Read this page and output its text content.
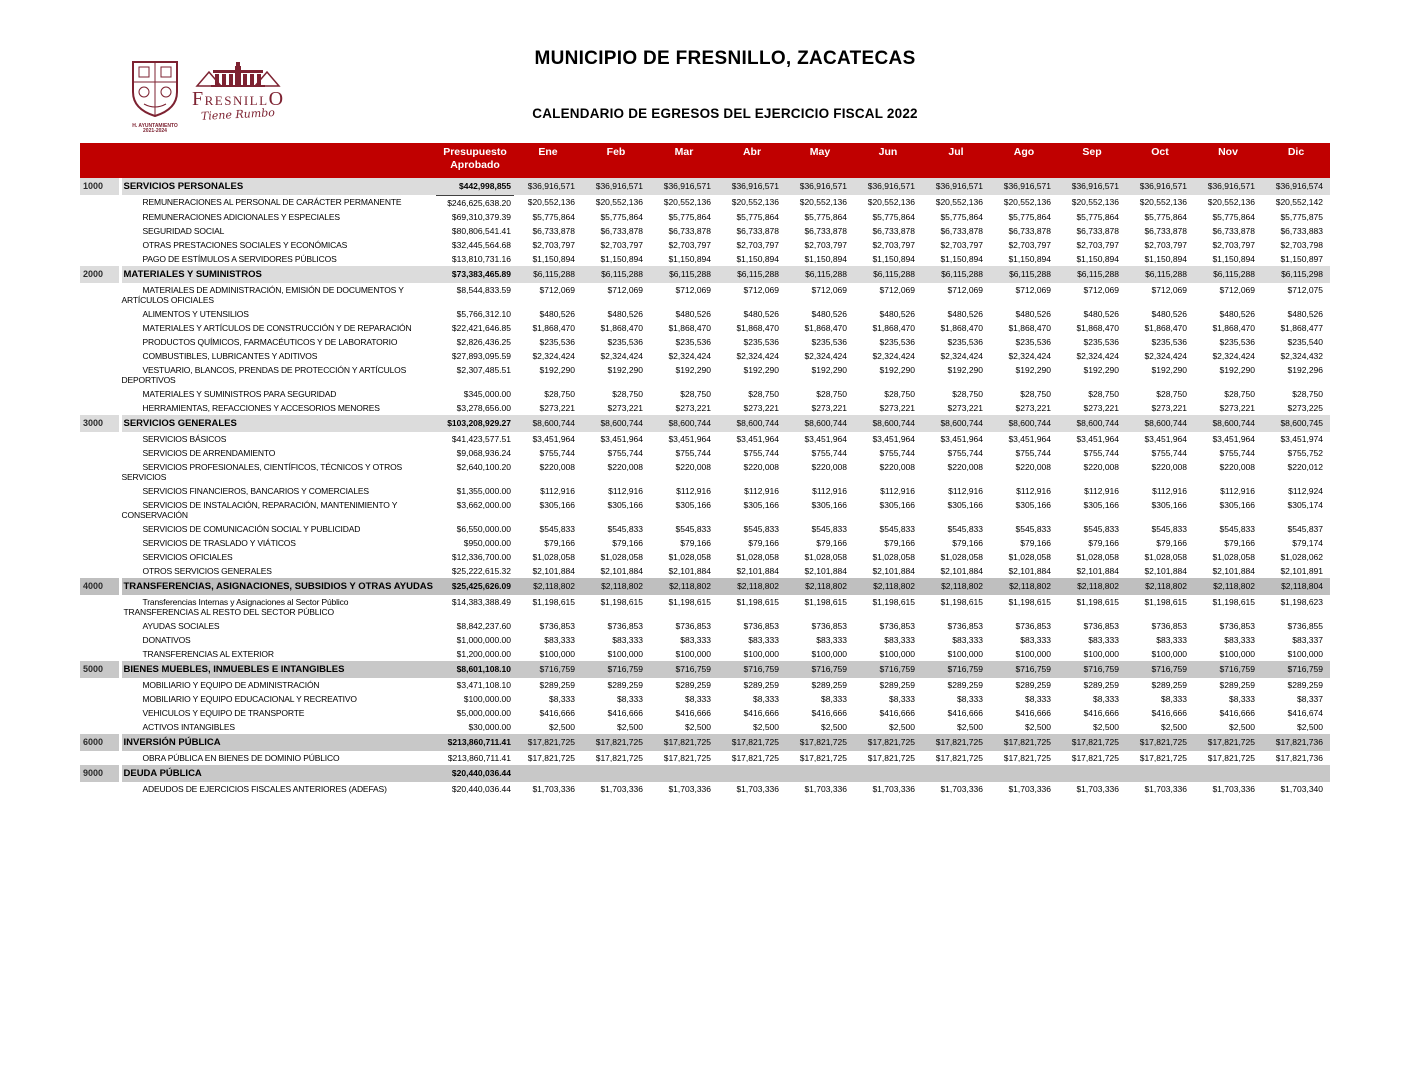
H. AYUNTAMIENTO
2021-2024
FRESNILLO
Tiene Rumbo
MUNICIPIO DE FRESNILLO, ZACATECAS
CALENDARIO DE EGRESOS DEL EJERCICIO FISCAL 2022
		Presupuesto Aprobado	Ene	Feb	Mar	Abr	May	Jun	Jul	Ago	Sep	Oct	Nov	Dic
1000	SERVICIOS PERSONALES	$442,998,855	$36,916,571	$36,916,571	$36,916,571	$36,916,571	$36,916,571	$36,916,571	$36,916,571	$36,916,571	$36,916,571	$36,916,571	$36,916,571	$36,916,574

	REMUNERACIONES AL PERSONAL DE CARÁCTER PERMANENTE	$246,625,638.20	$20,552,136	$20,552,136	$20,552,136	$20,552,136	$20,552,136	$20,552,136	$20,552,136	$20,552,136	$20,552,136	$20,552,136	$20,552,136	$20,552,142

	REMUNERACIONES ADICIONALES Y ESPECIALES	$69,310,379.39	$5,775,864	$5,775,864	$5,775,864	$5,775,864	$5,775,864	$5,775,864	$5,775,864	$5,775,864	$5,775,864	$5,775,864	$5,775,864	$5,775,875

	SEGURIDAD SOCIAL	$80,806,541.41	$6,733,878	$6,733,878	$6,733,878	$6,733,878	$6,733,878	$6,733,878	$6,733,878	$6,733,878	$6,733,878	$6,733,878	$6,733,878	$6,733,883

	OTRAS PRESTACIONES SOCIALES Y ECONÓMICAS	$32,445,564.68	$2,703,797	$2,703,797	$2,703,797	$2,703,797	$2,703,797	$2,703,797	$2,703,797	$2,703,797	$2,703,797	$2,703,797	$2,703,797	$2,703,798

	PAGO DE ESTÍMULOS A SERVIDORES PÚBLICOS	$13,810,731.16	$1,150,894	$1,150,894	$1,150,894	$1,150,894	$1,150,894	$1,150,894	$1,150,894	$1,150,894	$1,150,894	$1,150,894	$1,150,894	$1,150,897
2000	MATERIALES Y SUMINISTROS	$73,383,465.89	$6,115,288	$6,115,288	$6,115,288	$6,115,288	$6,115,288	$6,115,288	$6,115,288	$6,115,288	$6,115,288	$6,115,288	$6,115,288	$6,115,298

	MATERIALES DE ADMINISTRACIÓN, EMISIÓN DE DOCUMENTOS Y ARTÍCULOS OFICIALES	$8,544,833.59	$712,069	$712,069	$712,069	$712,069	$712,069	$712,069	$712,069	$712,069	$712,069	$712,069	$712,069	$712,075

	ALIMENTOS Y UTENSILIOS	$5,766,312.10	$480,526	$480,526	$480,526	$480,526	$480,526	$480,526	$480,526	$480,526	$480,526	$480,526	$480,526	$480,526

	MATERIALES Y ARTÍCULOS DE CONSTRUCCIÓN Y DE REPARACIÓN	$22,421,646.85	$1,868,470	$1,868,470	$1,868,470	$1,868,470	$1,868,470	$1,868,470	$1,868,470	$1,868,470	$1,868,470	$1,868,470	$1,868,470	$1,868,477

	PRODUCTOS QUÍMICOS, FARMACÉUTICOS Y DE LABORATORIO	$2,826,436.25	$235,536	$235,536	$235,536	$235,536	$235,536	$235,536	$235,536	$235,536	$235,536	$235,536	$235,536	$235,540

	COMBUSTIBLES, LUBRICANTES Y ADITIVOS	$27,893,095.59	$2,324,424	$2,324,424	$2,324,424	$2,324,424	$2,324,424	$2,324,424	$2,324,424	$2,324,424	$2,324,424	$2,324,424	$2,324,424	$2,324,432

	VESTUARIO, BLANCOS, PRENDAS DE PROTECCIÓN Y ARTÍCULOS DEPORTIVOS	$2,307,485.51	$192,290	$192,290	$192,290	$192,290	$192,290	$192,290	$192,290	$192,290	$192,290	$192,290	$192,290	$192,296

	MATERIALES Y SUMINISTROS PARA SEGURIDAD	$345,000.00	$28,750	$28,750	$28,750	$28,750	$28,750	$28,750	$28,750	$28,750	$28,750	$28,750	$28,750	$28,750

	HERRAMIENTAS, REFACCIONES Y ACCESORIOS MENORES	$3,278,656.00	$273,221	$273,221	$273,221	$273,221	$273,221	$273,221	$273,221	$273,221	$273,221	$273,221	$273,221	$273,225
3000	SERVICIOS GENERALES	$103,208,929.27	$8,600,744	$8,600,744	$8,600,744	$8,600,744	$8,600,744	$8,600,744	$8,600,744	$8,600,744	$8,600,744	$8,600,744	$8,600,744	$8,600,745

	SERVICIOS BÁSICOS	$41,423,577.51	$3,451,964	$3,451,964	$3,451,964	$3,451,964	$3,451,964	$3,451,964	$3,451,964	$3,451,964	$3,451,964	$3,451,964	$3,451,964	$3,451,974

	SERVICIOS DE ARRENDAMIENTO	$9,068,936.24	$755,744	$755,744	$755,744	$755,744	$755,744	$755,744	$755,744	$755,744	$755,744	$755,744	$755,744	$755,752

	SERVICIOS PROFESIONALES, CIENTÍFICOS, TÉCNICOS Y OTROS SERVICIOS	$2,640,100.20	$220,008	$220,008	$220,008	$220,008	$220,008	$220,008	$220,008	$220,008	$220,008	$220,008	$220,008	$220,012

	SERVICIOS FINANCIEROS, BANCARIOS Y COMERCIALES	$1,355,000.00	$112,916	$112,916	$112,916	$112,916	$112,916	$112,916	$112,916	$112,916	$112,916	$112,916	$112,916	$112,924

	SERVICIOS DE INSTALACIÓN, REPARACIÓN, MANTENIMIENTO Y CONSERVACIÓN	$3,662,000.00	$305,166	$305,166	$305,166	$305,166	$305,166	$305,166	$305,166	$305,166	$305,166	$305,166	$305,166	$305,174

	SERVICIOS DE COMUNICACIÓN SOCIAL Y PUBLICIDAD	$6,550,000.00	$545,833	$545,833	$545,833	$545,833	$545,833	$545,833	$545,833	$545,833	$545,833	$545,833	$545,833	$545,837

	SERVICIOS DE TRASLADO Y VIÁTICOS	$950,000.00	$79,166	$79,166	$79,166	$79,166	$79,166	$79,166	$79,166	$79,166	$79,166	$79,166	$79,166	$79,174

	SERVICIOS OFICIALES	$12,336,700.00	$1,028,058	$1,028,058	$1,028,058	$1,028,058	$1,028,058	$1,028,058	$1,028,058	$1,028,058	$1,028,058	$1,028,058	$1,028,058	$1,028,062

	OTROS SERVICIOS GENERALES	$25,222,615.32	$2,101,884	$2,101,884	$2,101,884	$2,101,884	$2,101,884	$2,101,884	$2,101,884	$2,101,884	$2,101,884	$2,101,884	$2,101,884	$2,101,891
4000	TRANSFERENCIAS, ASIGNACIONES, SUBSIDIOS Y OTRAS AYUDAS	$25,425,626.09	$2,118,802	$2,118,802	$2,118,802	$2,118,802	$2,118,802	$2,118,802	$2,118,802	$2,118,802	$2,118,802	$2,118,802	$2,118,802	$2,118,804

	Transferencias Internas y Asignaciones al Sector Público
TRANSFERENCIAS AL RESTO DEL SECTOR PÚBLICO	$14,383,388.49	$1,198,615	$1,198,615	$1,198,615	$1,198,615	$1,198,615	$1,198,615	$1,198,615	$1,198,615	$1,198,615	$1,198,615	$1,198,615	$1,198,623

	AYUDAS SOCIALES	$8,842,237.60	$736,853	$736,853	$736,853	$736,853	$736,853	$736,853	$736,853	$736,853	$736,853	$736,853	$736,853	$736,855

	DONATIVOS	$1,000,000.00	$83,333	$83,333	$83,333	$83,333	$83,333	$83,333	$83,333	$83,333	$83,333	$83,333	$83,333	$83,337

	TRANSFERENCIAS AL EXTERIOR	$1,200,000.00	$100,000	$100,000	$100,000	$100,000	$100,000	$100,000	$100,000	$100,000	$100,000	$100,000	$100,000	$100,000
5000	BIENES MUEBLES, INMUEBLES E INTANGIBLES	$8,601,108.10	$716,759	$716,759	$716,759	$716,759	$716,759	$716,759	$716,759	$716,759	$716,759	$716,759	$716,759	$716,759

	MOBILIARIO Y EQUIPO DE ADMINISTRACIÓN	$3,471,108.10	$289,259	$289,259	$289,259	$289,259	$289,259	$289,259	$289,259	$289,259	$289,259	$289,259	$289,259	$289,259

	MOBILIARIO Y EQUIPO EDUCACIONAL Y RECREATIVO	$100,000.00	$8,333	$8,333	$8,333	$8,333	$8,333	$8,333	$8,333	$8,333	$8,333	$8,333	$8,333	$8,337

	VEHICULOS Y EQUIPO DE TRANSPORTE	$5,000,000.00	$416,666	$416,666	$416,666	$416,666	$416,666	$416,666	$416,666	$416,666	$416,666	$416,666	$416,666	$416,674

	ACTIVOS INTANGIBLES	$30,000.00	$2,500	$2,500	$2,500	$2,500	$2,500	$2,500	$2,500	$2,500	$2,500	$2,500	$2,500	$2,500
6000	INVERSIÓN PÚBLICA	$213,860,711.41	$17,821,725	$17,821,725	$17,821,725	$17,821,725	$17,821,725	$17,821,725	$17,821,725	$17,821,725	$17,821,725	$17,821,725	$17,821,725	$17,821,736

	OBRA PÚBLICA EN BIENES DE DOMINIO PÚBLICO	$213,860,711.41	$17,821,725	$17,821,725	$17,821,725	$17,821,725	$17,821,725	$17,821,725	$17,821,725	$17,821,725	$17,821,725	$17,821,725	$17,821,725	$17,821,736
9000	DEUDA PÚBLICA	$20,440,036.44												

	ADEUDOS DE EJERCICIOS FISCALES ANTERIORES (ADEFAS)	$20,440,036.44	$1,703,336	$1,703,336	$1,703,336	$1,703,336	$1,703,336	$1,703,336	$1,703,336	$1,703,336	$1,703,336	$1,703,336	$1,703,336	$1,703,340
